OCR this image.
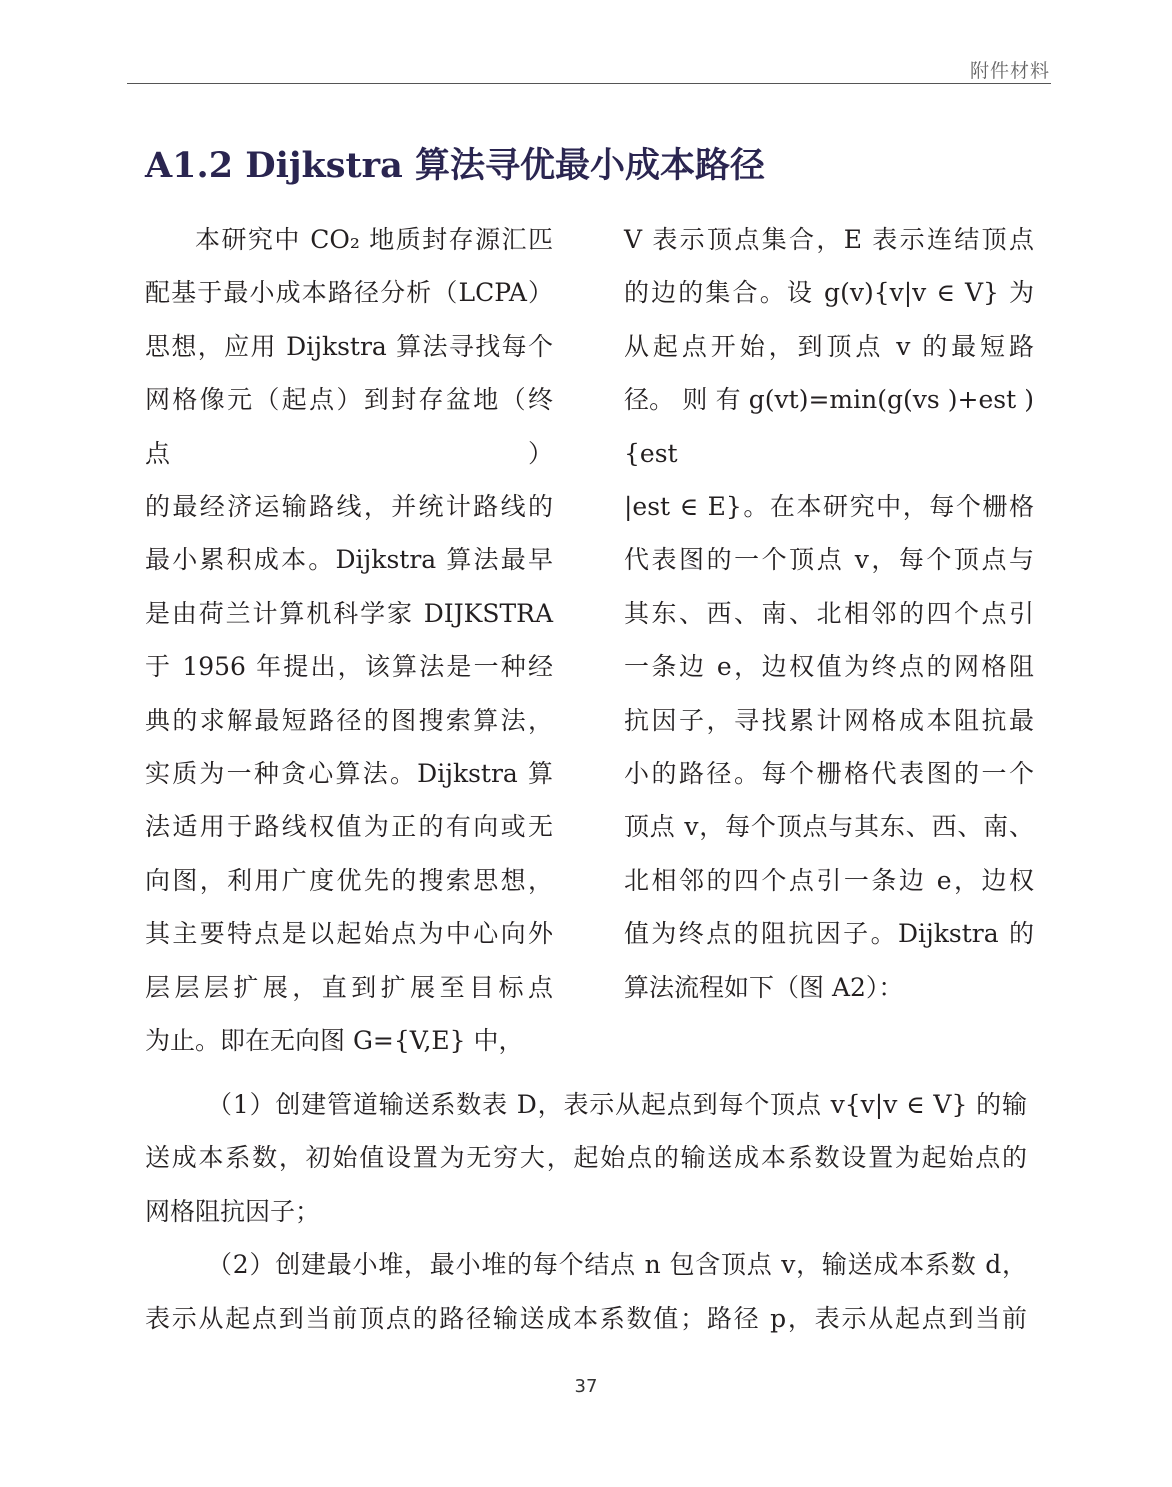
附件材料
A1.2 Dijkstra 算法寻优最小成本路径

本研究中 CO₂ 地质封存源汇匹

配基于最小成本路径分析（LCPA）

思想，应用 Dijkstra 算法寻找每个

网格像元（起点）到封存盆地（终点）

的最经济运输路线，并统计路线的

最小累积成本。Dijkstra 算法最早

是由荷兰计算机科学家 DIJKSTRA

于 1956 年提出，该算法是一种经

典的求解最短路径的图搜索算法，

实质为一种贪心算法。Dijkstra 算

法适用于路线权值为正的有向或无

向图，利用广度优先的搜索思想，

其主要特点是以起始点为中心向外

层层层扩展，直到扩展至目标点

为止。即在无向图 G={V,E} 中，

V 表示顶点集合，E 表示连结顶点

的边的集合。设 g(v){v|v ∈ V} 为

从起点开始，到顶点 v 的最短路

径。 则 有 g(vt)=min(g(vs )+est ){est

|est ∈ E}。在本研究中，每个栅格

代表图的一个顶点 v，每个顶点与

其东、西、南、北相邻的四个点引

一条边 e，边权值为终点的网格阻

抗因子，寻找累计网格成本阻抗最

小的路径。每个栅格代表图的一个

顶点 v，每个顶点与其东、西、南、

北相邻的四个点引一条边 e，边权

值为终点的阻抗因子。Dijkstra 的

算法流程如下（图 A2）：

（1）创建管道输送系数表 D，表示从起点到每个顶点 v{v|v ∈ V} 的输

送成本系数，初始值设置为无穷大，起始点的输送成本系数设置为起始点的

网格阻抗因子；

（2）创建最小堆，最小堆的每个结点 n 包含顶点 v，输送成本系数 d，

表示从起点到当前顶点的路径输送成本系数值；路径 p，表示从起点到当前

37
